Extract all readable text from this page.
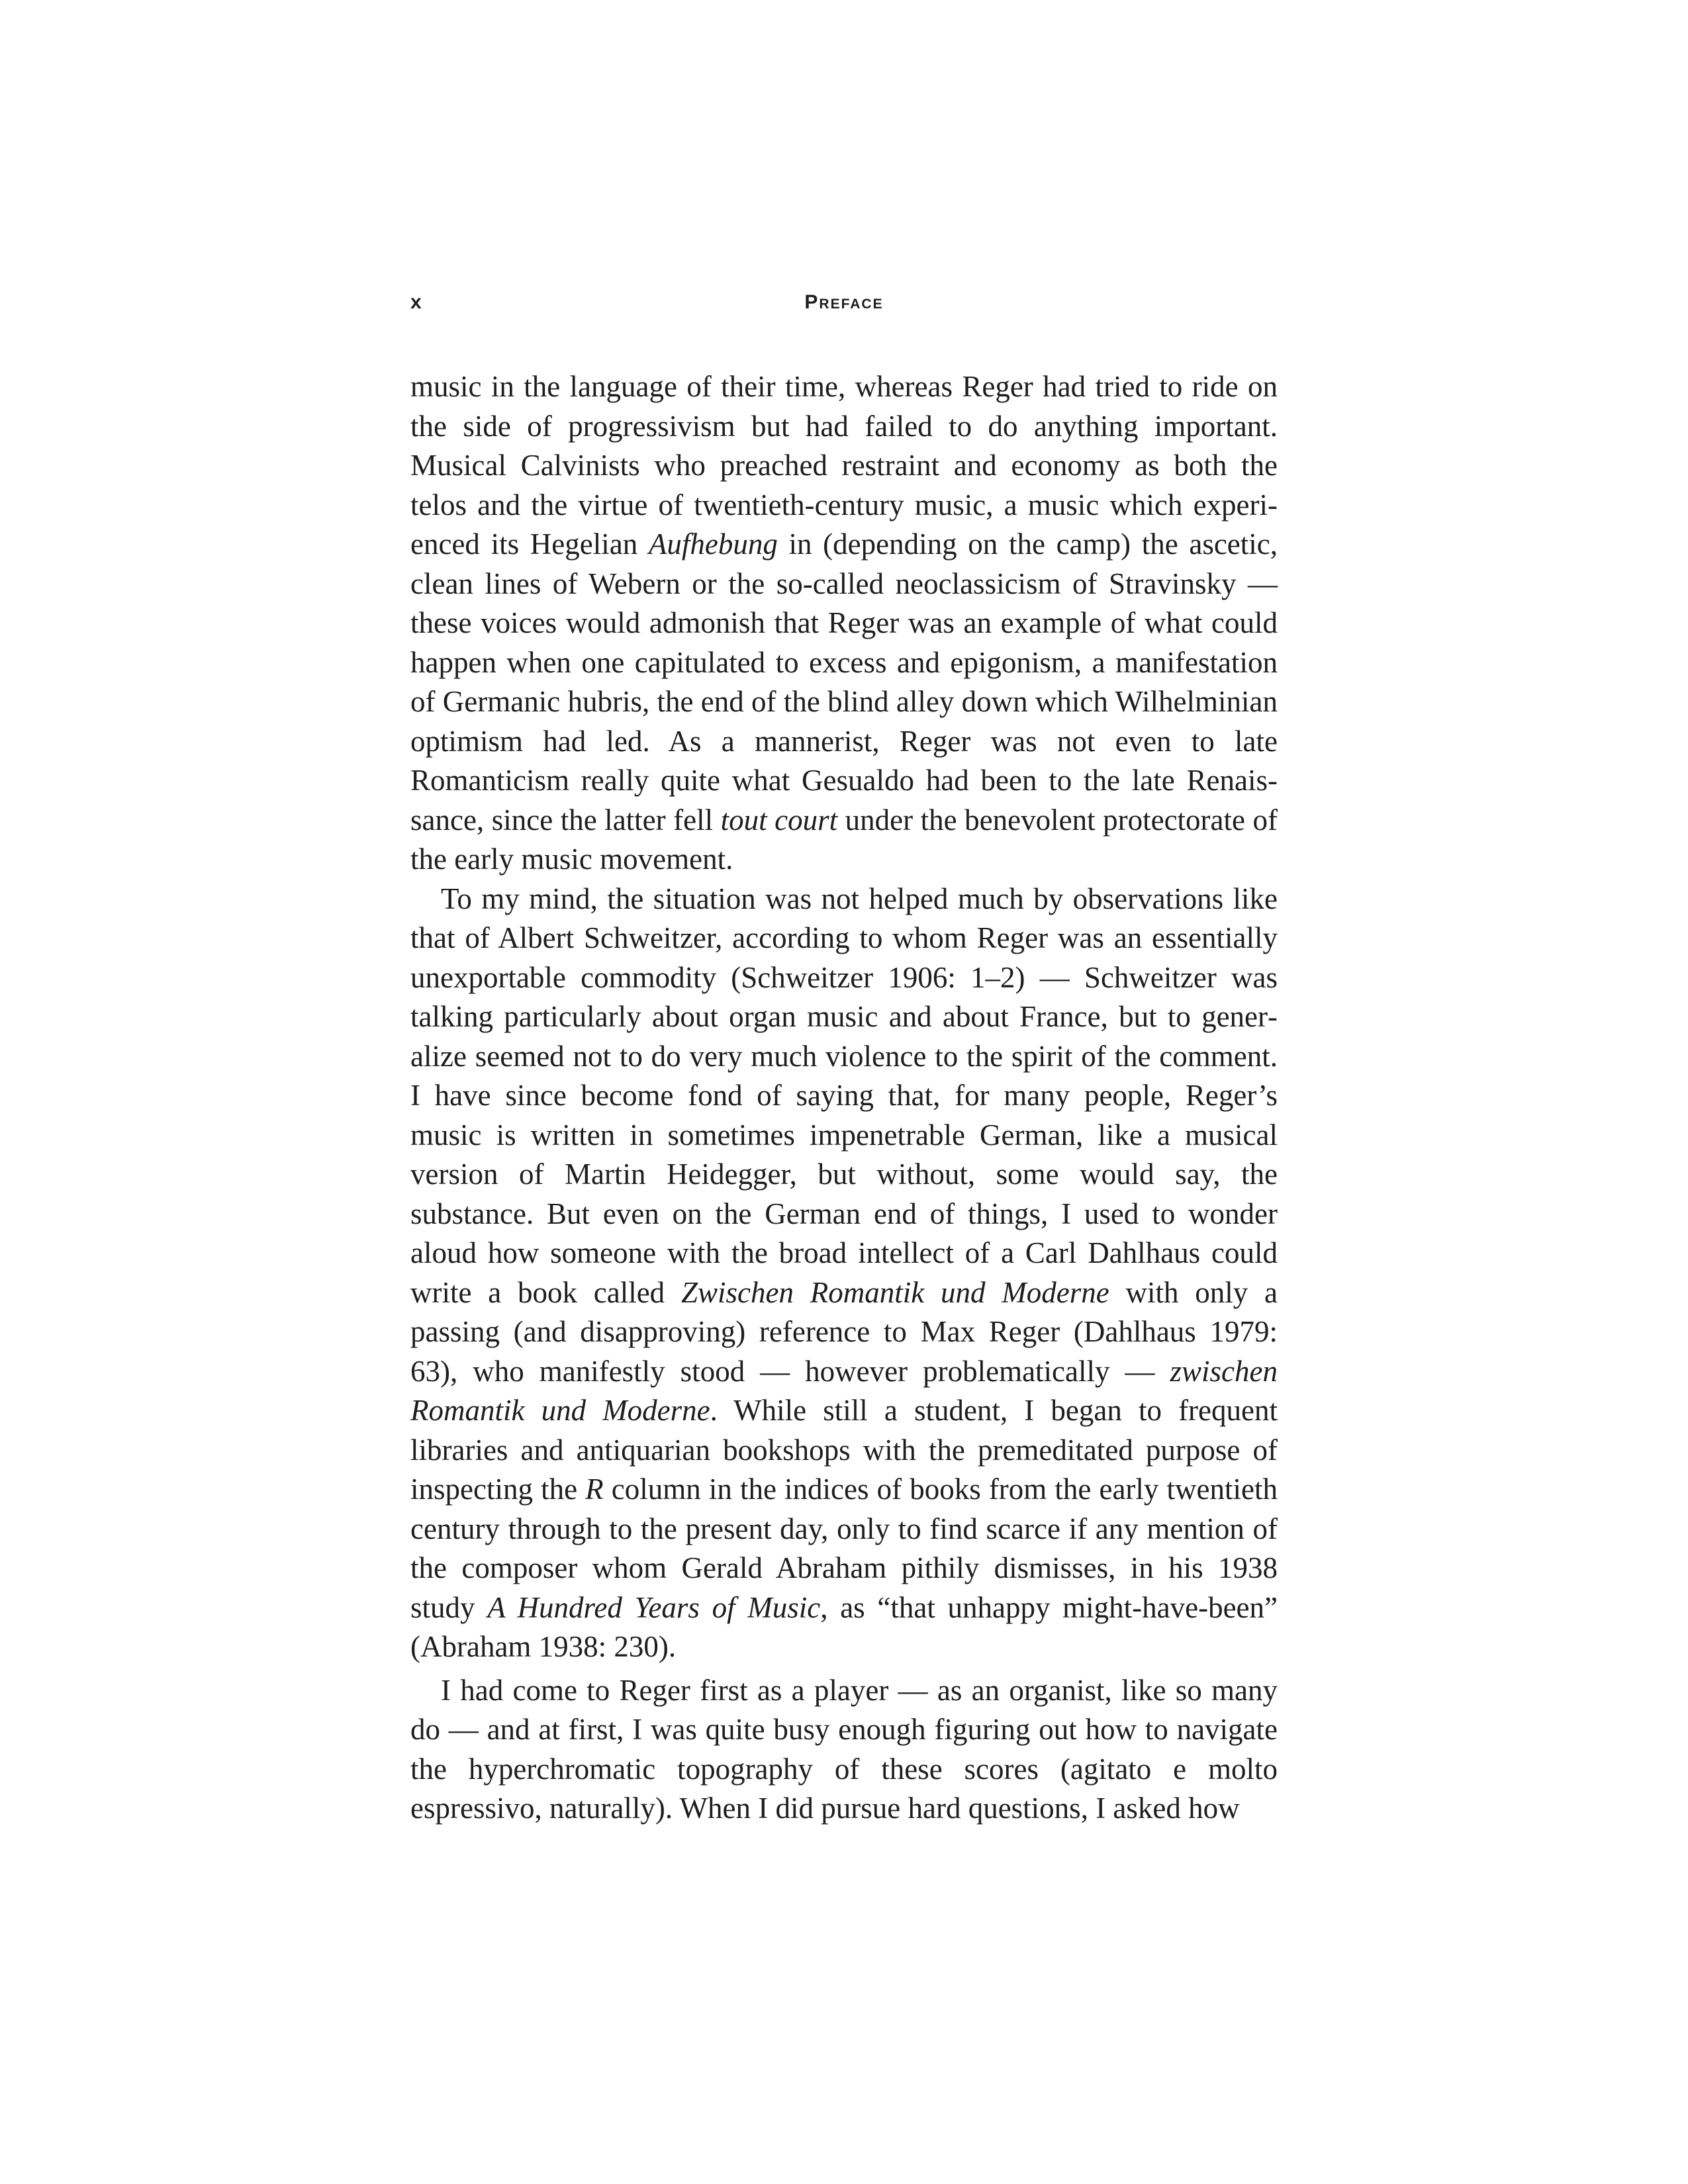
x	Preface

music in the language of their time, whereas Reger had tried to ride on the side of progressivism but had failed to do anything important. Musical Calvinists who preached restraint and economy as both the telos and the virtue of twentieth-century music, a music which experienced its Hegelian Aufhebung in (depending on the camp) the ascetic, clean lines of Webern or the so-called neoclassicism of Stravinsky — these voices would admonish that Reger was an example of what could happen when one capitulated to excess and epigonism, a manifestation of Germanic hubris, the end of the blind alley down which Wilhelminian optimism had led. As a mannerist, Reger was not even to late Romanticism really quite what Gesualdo had been to the late Renaissance, since the latter fell tout court under the benevolent protectorate of the early music movement.

To my mind, the situation was not helped much by observations like that of Albert Schweitzer, according to whom Reger was an essentially unexportable commodity (Schweitzer 1906: 1–2) — Schweitzer was talking particularly about organ music and about France, but to generalize seemed not to do very much violence to the spirit of the comment. I have since become fond of saying that, for many people, Reger’s music is written in sometimes impenetrable German, like a musical version of Martin Heidegger, but without, some would say, the substance. But even on the German end of things, I used to wonder aloud how someone with the broad intellect of a Carl Dahlhaus could write a book called Zwischen Romantik und Moderne with only a passing (and disapproving) reference to Max Reger (Dahlhaus 1979: 63), who manifestly stood — however problematically — zwischen Romantik und Moderne. While still a student, I began to frequent libraries and antiquarian bookshops with the premeditated purpose of inspecting the R column in the indices of books from the early twentieth century through to the present day, only to find scarce if any mention of the composer whom Gerald Abraham pithily dismisses, in his 1938 study A Hundred Years of Music, as “that unhappy might-have-been” (Abraham 1938: 230).

I had come to Reger first as a player — as an organist, like so many do — and at first, I was quite busy enough figuring out how to navigate the hyperchromatic topography of these scores (agitato e molto espressivo, naturally). When I did pursue hard questions, I asked how
